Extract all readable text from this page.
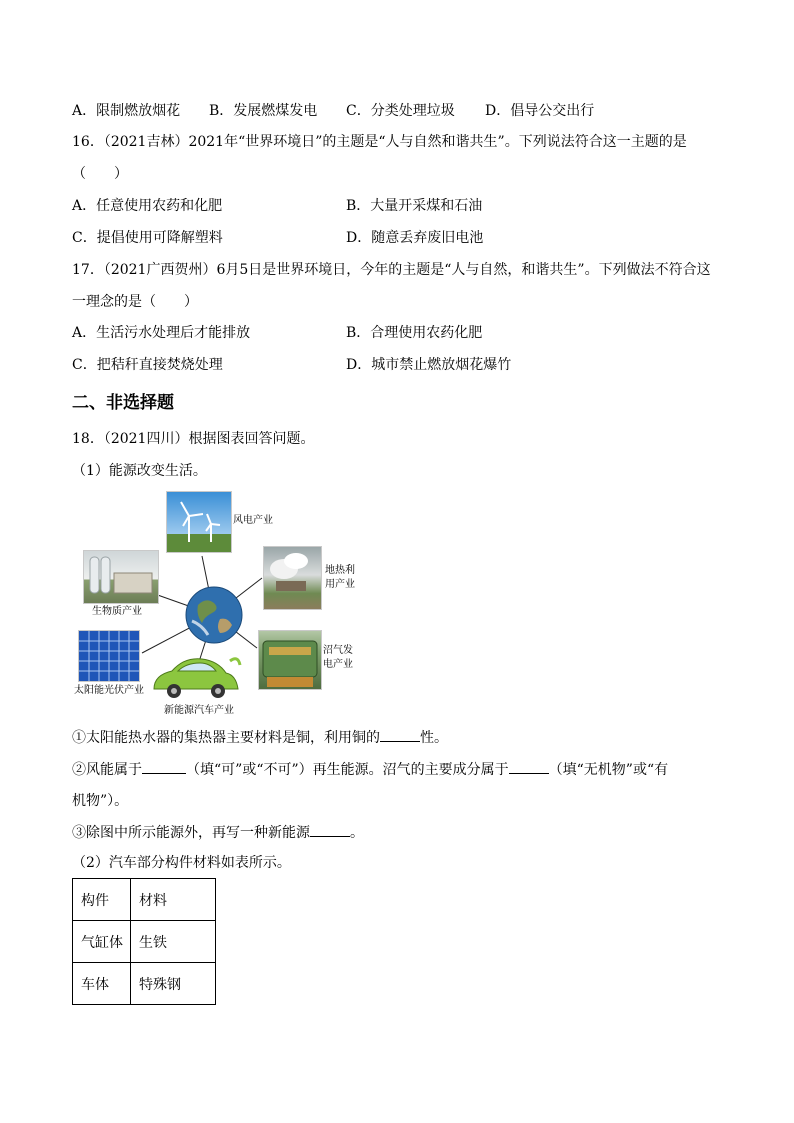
A．限制燃放烟花 B．发展燃煤发电 C．分类处理垃圾 D．倡导公交出行
16．（2021吉林）2021年“世界环境日”的主题是“人与自然和谐共生”。下列说法符合这一主题的是
（　　）
A．任意使用农药和化肥	B．大量开采煤和石油
C．提倡使用可降解塑料	D．随意丢弃废旧电池
17．（2021广西贺州）6月5日是世界环境日，今年的主题是“人与自然，和谐共生”。下列做法不符合这
一理念的是（　　）
A．生活污水处理后才能排放	B．合理使用农药化肥
C．把秸秆直接焚烧处理	D．城市禁止燃放烟花爆竹
二、非选择题
18．（2021四川）根据图表回答问题。
（1）能源改变生活。
风电产业
地热利
用产业
生物质产业
太阳能光伏产业
新能源汽车产业
沼气发
电产业
①太阳能热水器的集热器主要材料是铜，利用铜的	性。
②风能属于	（填“可”或“不可”）再生能源。沼气的主要成分属于	（填“无机物”或“有
机物”）。
③除图中所示能源外，再写一种新能源	。
（2）汽车部分构件材料如表所示。
构件	材料
气缸体	生铁
车体	特殊钢
